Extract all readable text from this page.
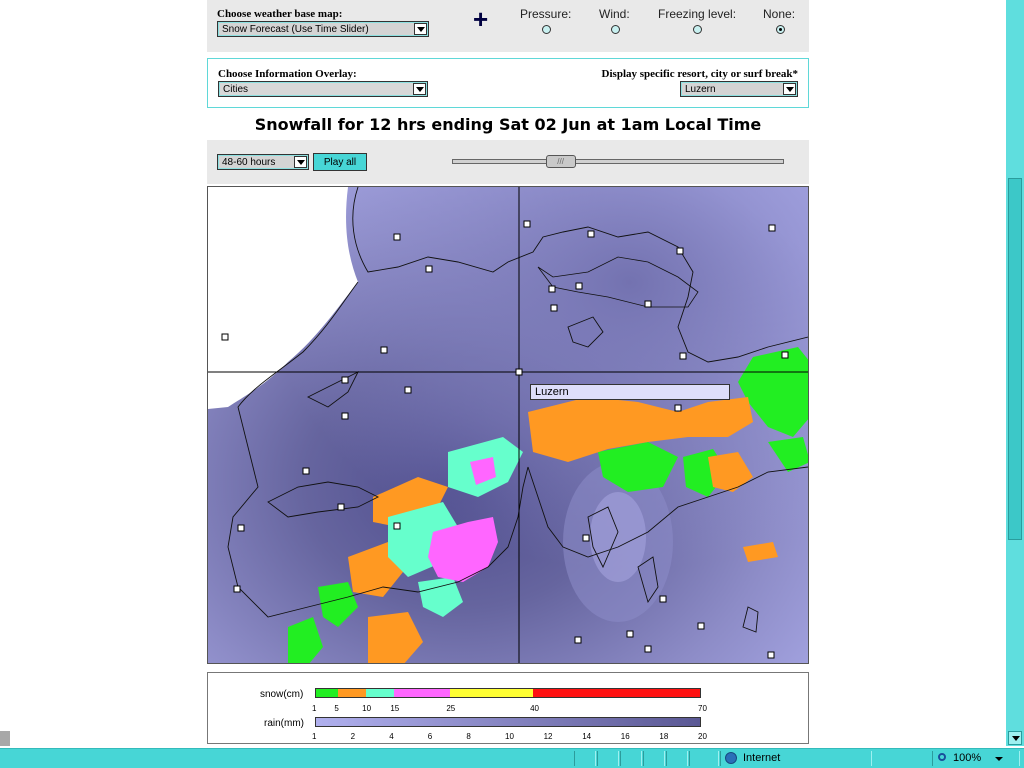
Choose weather base map:
Snow Forecast (Use Time Slider)	+	Pressure: Wind: Freezing level: None:
Choose Information Overlay:
Cities
Display specific resort, city or surf break*
Luzern
Snowfall for 12 hrs ending Sat 02 Jun at 1am Local Time
48-60 hours	Play all	///
Luzern
snow(cm)
1 5	10 15	25	40	70
rain(mm)
1	2	4	6	8	10	12	14	16	18	20
Internet	100%
